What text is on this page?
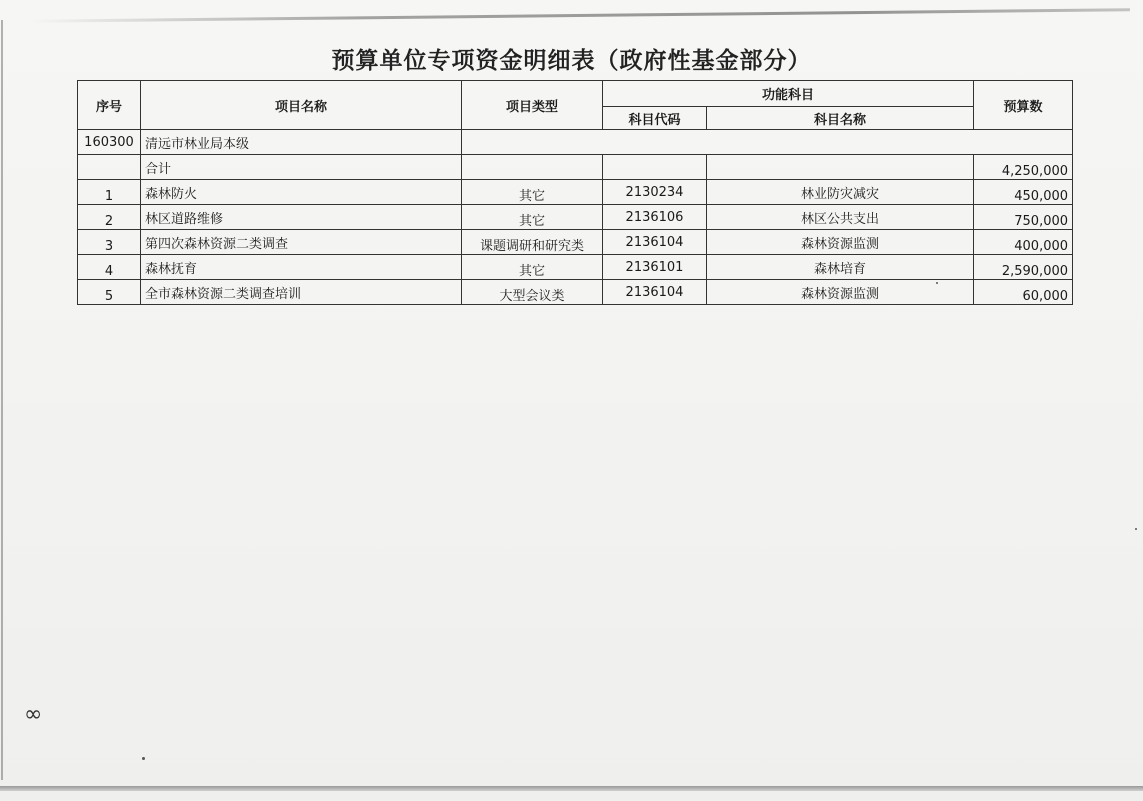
预算单位专项资金明细表（政府性基金部分）
序号	项目名称	项目类型	功能科目		预算数
			科目代码	科目名称	
160300	清远市林业局本级				
	合计				4,250,000
1	森林防火	其它	2130234	林业防灾减灾	450,000
2	林区道路维修	其它	2136106	林区公共支出	750,000
3	第四次森林资源二类调查	课题调研和研究类	2136104	森林资源监测	400,000
4	森林抚育	其它	2136101	森林培育	2,590,000
5	全市森林资源二类调查培训	大型会议类	2136104	森林资源监测	60,000
∞
